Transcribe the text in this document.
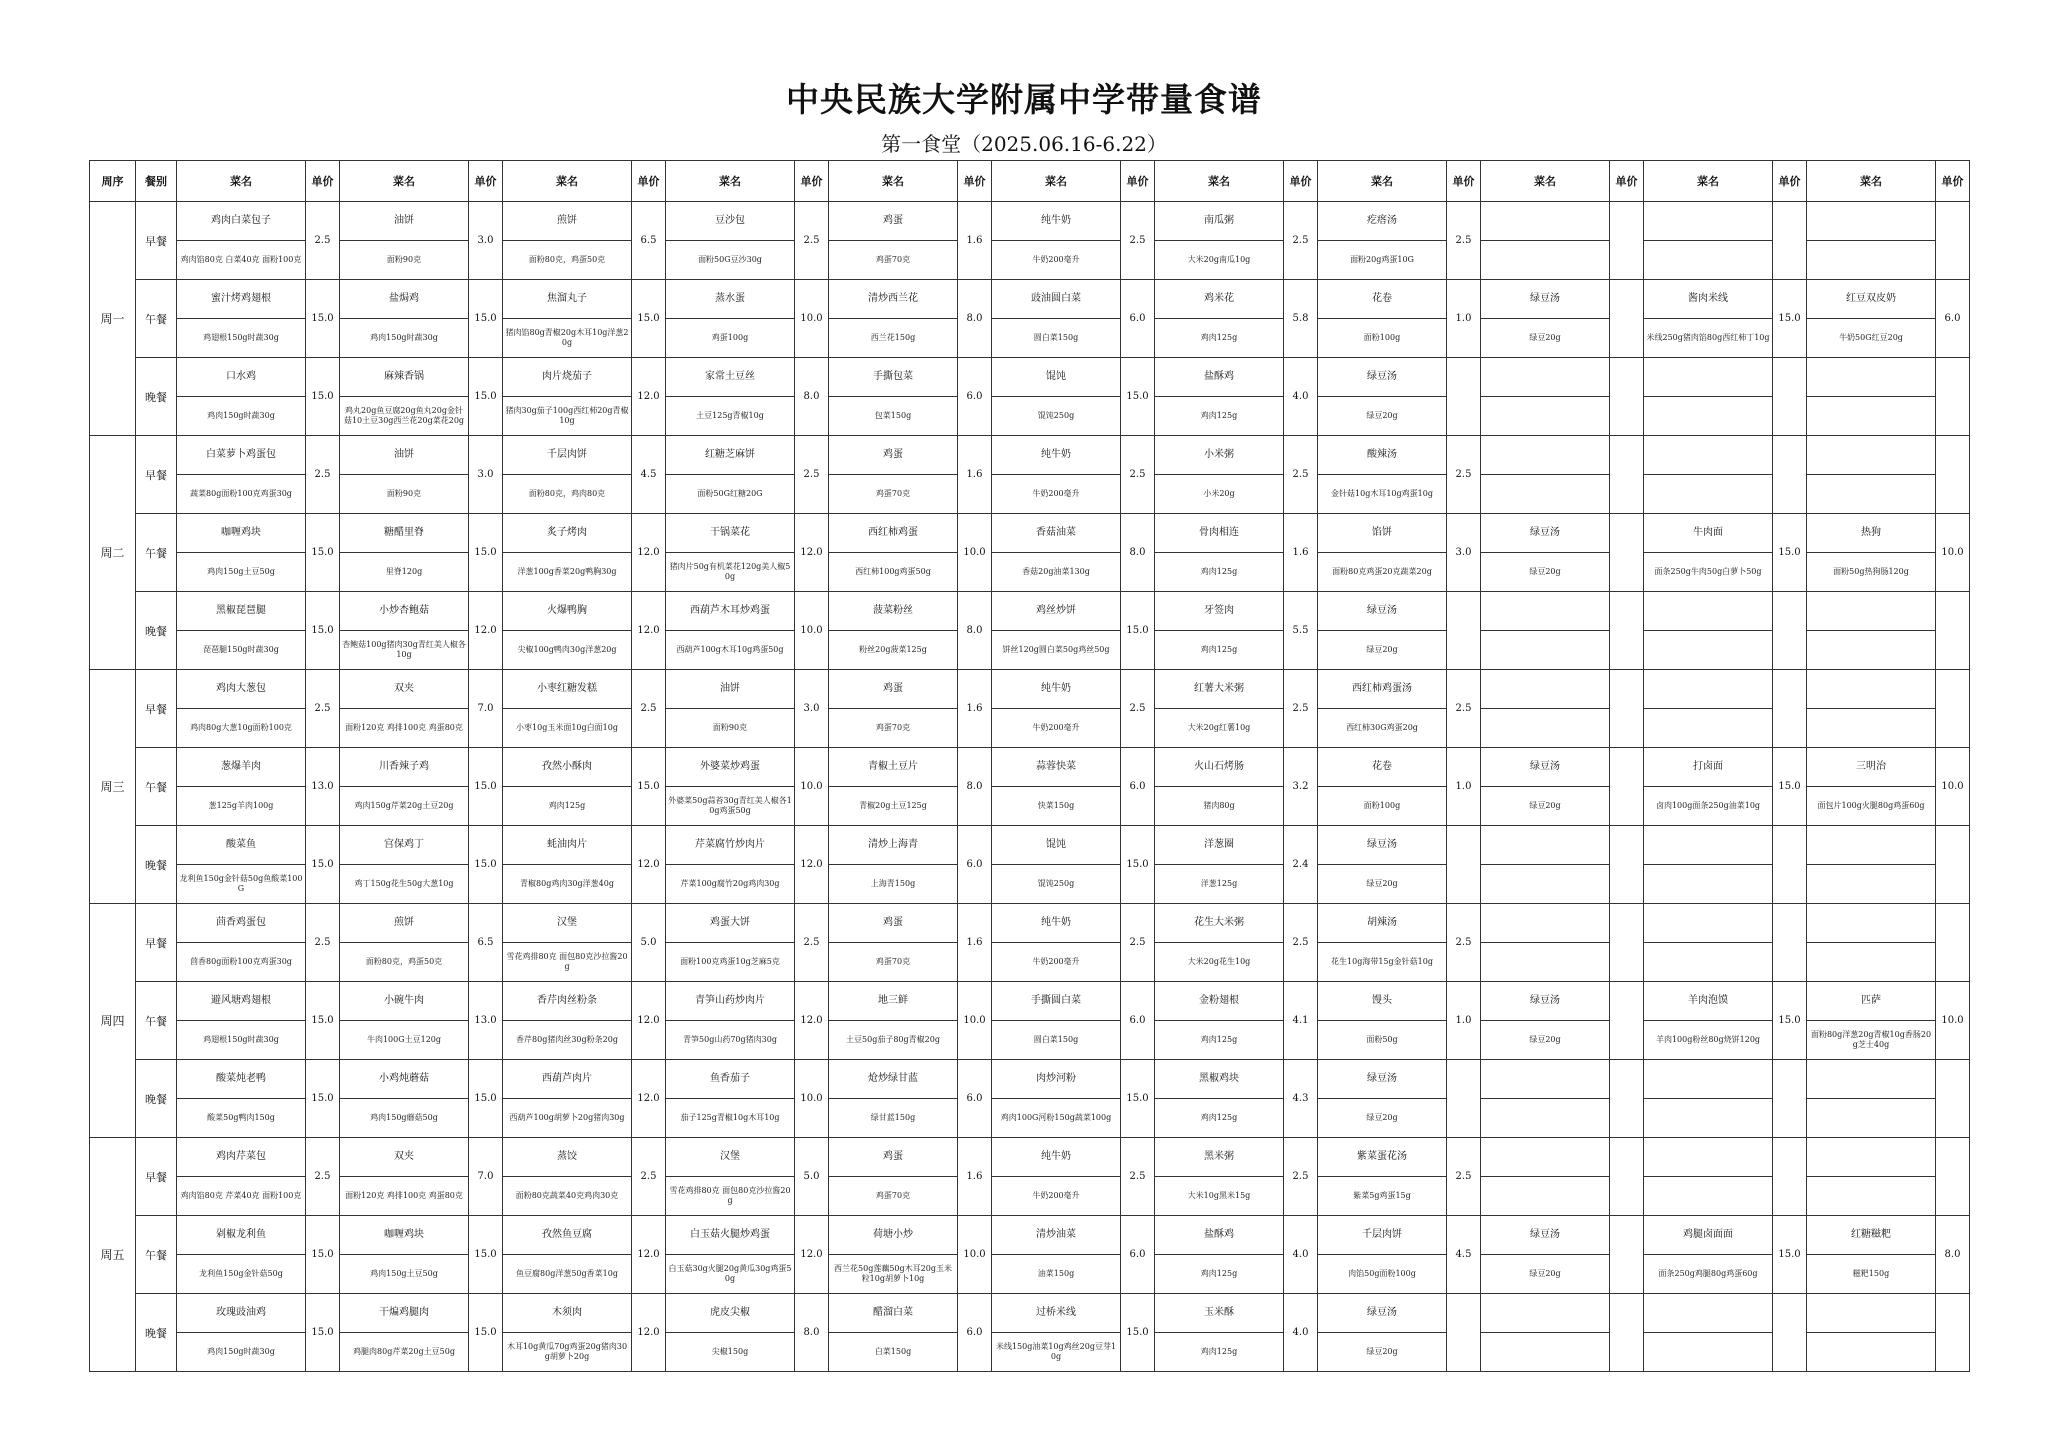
中央民族大学附属中学带量食谱
第一食堂（2025.06.16-6.22）
周序	餐别	菜名	单价	菜名	单价	菜名	单价	菜名	单价	菜名	单价	菜名	单价	菜名	单价	菜名	单价	菜名	单价	菜名	单价	菜名	单价
周一	早餐	鸡肉白菜包子	2.5	油饼	3.0	煎饼	6.5	豆沙包	2.5	鸡蛋	1.6	纯牛奶	2.5	南瓜粥	2.5	疙瘩汤	2.5						
		鸡肉馅80克 白菜40克 面粉100克		面粉90克		面粉80克，鸡蛋50克		面粉50G豆沙30g		鸡蛋70克		牛奶200毫升		大米20g南瓜10g		面粉20g鸡蛋10G							
	午餐	蜜汁烤鸡翅根	15.0	盐焗鸡	15.0	焦溜丸子	15.0	蒸水蛋	10.0	清炒西兰花	8.0	豉油圆白菜	6.0	鸡米花	5.8	花卷	1.0	绿豆汤		酱肉米线	15.0	红豆双皮奶	6.0
		鸡翅根150g时蔬30g		鸡肉150g时蔬30g		猪肉馅80g青椒20g木耳10g洋葱20g		鸡蛋100g		西兰花150g		圆白菜150g		鸡肉125g		面粉100g		绿豆20g		米线250g猪肉馅80g西红柿丁10g		牛奶50G红豆20g	
	晚餐	口水鸡	15.0	麻辣香锅	15.0	肉片烧茄子	12.0	家常土豆丝	8.0	手撕包菜	6.0	馄饨	15.0	盐酥鸡	4.0	绿豆汤							
		鸡肉150g时蔬30g		鸡丸20g鱼豆腐20g鱼丸20g金针菇10土豆30g西兰花20g菜花20g		猪肉30g茄子100g西红柿20g青椒10g		土豆125g青椒10g		包菜150g		馄饨250g		鸡肉125g		绿豆20g							
周二	早餐	白菜萝卜鸡蛋包	2.5	油饼	3.0	千层肉饼	4.5	红糖芝麻饼	2.5	鸡蛋	1.6	纯牛奶	2.5	小米粥	2.5	酸辣汤	2.5						
		蔬菜80g面粉100克鸡蛋30g		面粉90克		面粉80克，鸡肉80克		面粉50G红糖20G		鸡蛋70克		牛奶200毫升		小米20g		金针菇10g木耳10g鸡蛋10g							
	午餐	咖喱鸡块	15.0	糖醋里脊	15.0	炙子烤肉	12.0	干锅菜花	12.0	西红柿鸡蛋	10.0	香菇油菜	8.0	骨肉相连	1.6	馅饼	3.0	绿豆汤		牛肉面	15.0	热狗	10.0
		鸡肉150g土豆50g		里脊120g		洋葱100g香菜20g鸭胸30g		猪肉片50g有机菜花120g美人椒50g		西红柿100g鸡蛋50g		香菇20g油菜130g		鸡肉125g		面粉80克鸡蛋20克蔬菜20g		绿豆20g		面条250g牛肉50g白萝卜50g		面粉50g热狗肠120g	
	晚餐	黑椒琵琶腿	15.0	小炒杏鲍菇	12.0	火爆鸭胸	12.0	西葫芦木耳炒鸡蛋	10.0	菠菜粉丝	8.0	鸡丝炒饼	15.0	牙签肉	5.5	绿豆汤							
		琵琶腿150g时蔬30g		杏鲍菇100g猪肉30g青红美人椒各10g		尖椒100g鸭肉30g洋葱20g		西葫芦100g木耳10g鸡蛋50g		粉丝20g菠菜125g		饼丝120g圆白菜50g鸡丝50g		鸡肉125g		绿豆20g							
周三	早餐	鸡肉大葱包	2.5	双夹	7.0	小枣红糖发糕	2.5	油饼	3.0	鸡蛋	1.6	纯牛奶	2.5	红薯大米粥	2.5	西红柿鸡蛋汤	2.5						
		鸡肉80g大葱10g面粉100克		面粉120克 鸡排100克 鸡蛋80克		小枣10g玉米面10g白面10g		面粉90克		鸡蛋70克		牛奶200毫升		大米20g红薯10g		西红柿30G鸡蛋20g							
	午餐	葱爆羊肉	13.0	川香辣子鸡	15.0	孜然小酥肉	15.0	外婆菜炒鸡蛋	10.0	青椒土豆片	8.0	蒜蓉快菜	6.0	火山石烤肠	3.2	花卷	1.0	绿豆汤		打卤面	15.0	三明治	10.0
		葱125g羊肉100g		鸡肉150g芹菜20g土豆20g		鸡肉125g		外婆菜50g蒜苔30g青红美人椒各10g鸡蛋50g		青椒20g土豆125g		快菜150g		猪肉80g		面粉100g		绿豆20g		卤肉100g面条250g油菜10g		面包片100g火腿80g鸡蛋60g	
	晚餐	酸菜鱼	15.0	宫保鸡丁	15.0	蚝油肉片	12.0	芹菜腐竹炒肉片	12.0	清炒上海青	6.0	馄饨	15.0	洋葱圈	2.4	绿豆汤							
		龙利鱼150g金针菇50g鱼酸菜100G		鸡丁150g花生50g大葱10g		青椒80g鸡肉30g洋葱40g		芹菜100g腐竹20g鸡肉30g		上海青150g		馄饨250g		洋葱125g		绿豆20g							
周四	早餐	茴香鸡蛋包	2.5	煎饼	6.5	汉堡	5.0	鸡蛋大饼	2.5	鸡蛋	1.6	纯牛奶	2.5	花生大米粥	2.5	胡辣汤	2.5						
		茴香80g面粉100克鸡蛋30g		面粉80克，鸡蛋50克		雪花鸡排80克 面包80克沙拉酱20g		面粉100克鸡蛋10g芝麻5克		鸡蛋70克		牛奶200毫升		大米20g花生10g		花生10g海带15g金针菇10g							
	午餐	避风塘鸡翅根	15.0	小碗牛肉	13.0	香芹肉丝粉条	12.0	青笋山药炒肉片	12.0	地三鲜	10.0	手撕圆白菜	6.0	金粉翅根	4.1	馒头	1.0	绿豆汤		羊肉泡馍	15.0	匹萨	10.0
		鸡翅根150g时蔬30g		牛肉100G土豆120g		香芹80g猪肉丝30g粉条20g		青笋50g山药70g猪肉30g		土豆50g茄子80g青椒20g		圆白菜150g		鸡肉125g		面粉50g		绿豆20g		羊肉100g粉丝80g烧饼120g		面粉80g洋葱20g青椒10g香肠20g芝士40g	
	晚餐	酸菜炖老鸭	15.0	小鸡炖蘑菇	15.0	西葫芦肉片	12.0	鱼香茄子	10.0	炝炒绿甘蓝	6.0	肉炒河粉	15.0	黑椒鸡块	4.3	绿豆汤							
		酸菜50g鸭肉150g		鸡肉150g蘑菇50g		西葫芦100g胡萝卜20g猪肉30g		茄子125g青椒10g木耳10g		绿甘蓝150g		鸡肉100G河粉150g蔬菜100g		鸡肉125g		绿豆20g							
周五	早餐	鸡肉芹菜包	2.5	双夹	7.0	蒸饺	2.5	汉堡	5.0	鸡蛋	1.6	纯牛奶	2.5	黑米粥	2.5	紫菜蛋花汤	2.5						
		鸡肉馅80克 芹菜40克 面粉100克		面粉120克 鸡排100克 鸡蛋80克		面粉80克蔬菜40克鸡肉30克		雪花鸡排80克 面包80克沙拉酱20g		鸡蛋70克		牛奶200毫升		大米10g黑米15g		紫菜5g鸡蛋15g							
	午餐	剁椒龙利鱼	15.0	咖喱鸡块	15.0	孜然鱼豆腐	12.0	白玉菇火腿炒鸡蛋	12.0	荷塘小炒	10.0	清炒油菜	6.0	盐酥鸡	4.0	千层肉饼	4.5	绿豆汤		鸡腿卤面面	15.0	红糖糍粑	8.0
		龙利鱼150g金针菇50g		鸡肉150g土豆50g		鱼豆腐80g洋葱50g香菜10g		白玉菇30g火腿20g黄瓜30g鸡蛋50g		西兰花50g莲藕50g木耳20g玉米粒10g胡萝卜10g		油菜150g		鸡肉125g		肉馅50g面粉100g		绿豆20g		面条250g鸡腿80g鸡蛋60g		糍粑150g	
	晚餐	玫瑰豉油鸡	15.0	干煸鸡腿肉	15.0	木须肉	12.0	虎皮尖椒	8.0	醋溜白菜	6.0	过桥米线	15.0	玉米酥	4.0	绿豆汤							
		鸡肉150g时蔬30g		鸡腿肉80g芹菜20g土豆50g		木耳10g黄瓜70g鸡蛋20g猪肉30g胡萝卜20g		尖椒150g		白菜150g		米线150g油菜10g鸡丝20g豆芽10g		鸡肉125g		绿豆20g							
